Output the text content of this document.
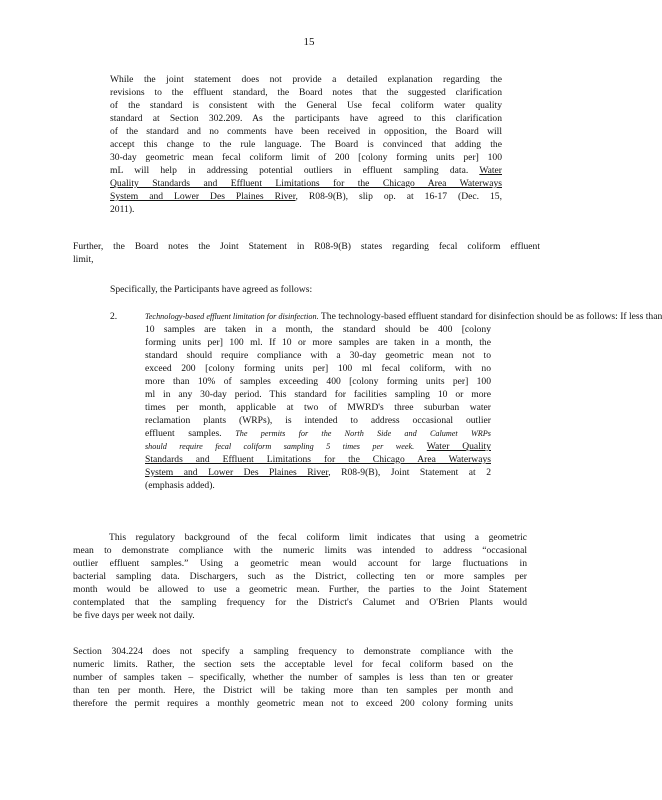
15
While the joint statement does not provide a detailed explanation regarding the
revisions to the effluent standard, the Board notes that the suggested clarification
of the standard is consistent with the General Use fecal coliform water quality
standard at Section 302.209. As the participants have agreed to this clarification
of the standard and no comments have been received in opposition, the Board will
accept this change to the rule language. The Board is convinced that adding the
30-day geometric mean fecal coliform limit of 200 [colony forming units per] 100
mL will help in addressing potential outliers in effluent sampling data. Water
Quality Standards and Effluent Limitations for the Chicago Area Waterways
System and Lower Des Plaines River, R08-9(B), slip op. at 16-17 (Dec. 15,
2011).
Further, the Board notes the Joint Statement in R08-9(B) states regarding fecal coliform effluent
limit,
Specifically, the Participants have agreed as follows:
2.	Technology-based effluent limitation for disinfection. The technology-based effluent standard for disinfection should be as follows: If less than
10 samples are taken in a month, the standard should be 400 [colony
forming units per] 100 ml. If 10 or more samples are taken in a month, the
standard should require compliance with a 30-day geometric mean not to
exceed 200 [colony forming units per] 100 ml fecal coliform, with no
more than 10% of samples exceeding 400 [colony forming units per] 100
ml in any 30-day period. This standard for facilities sampling 10 or more
times per month, applicable at two of MWRD's three suburban water
reclamation plants (WRPs), is intended to address occasional outlier
effluent samples. The permits for the North Side and Calumet WRPs
should require fecal coliform sampling 5 times per week. Water Quality
Standards and Effluent Limitations for the Chicago Area Waterways
System and Lower Des Plaines River, R08-9(B), Joint Statement at 2
(emphasis added).
This regulatory background of the fecal coliform limit indicates that using a geometric
mean to demonstrate compliance with the numeric limits was intended to address “occasional
outlier effluent samples.” Using a geometric mean would account for large fluctuations in
bacterial sampling data. Dischargers, such as the District, collecting ten or more samples per
month would be allowed to use a geometric mean. Further, the parties to the Joint Statement
contemplated that the sampling frequency for the District's Calumet and O'Brien Plants would
be five days per week not daily.
Section 304.224 does not specify a sampling frequency to demonstrate compliance with the
numeric limits. Rather, the section sets the acceptable level for fecal coliform based on the
number of samples taken – specifically, whether the number of samples is less than ten or greater
than ten per month. Here, the District will be taking more than ten samples per month and
therefore the permit requires a monthly geometric mean not to exceed 200 colony forming units
